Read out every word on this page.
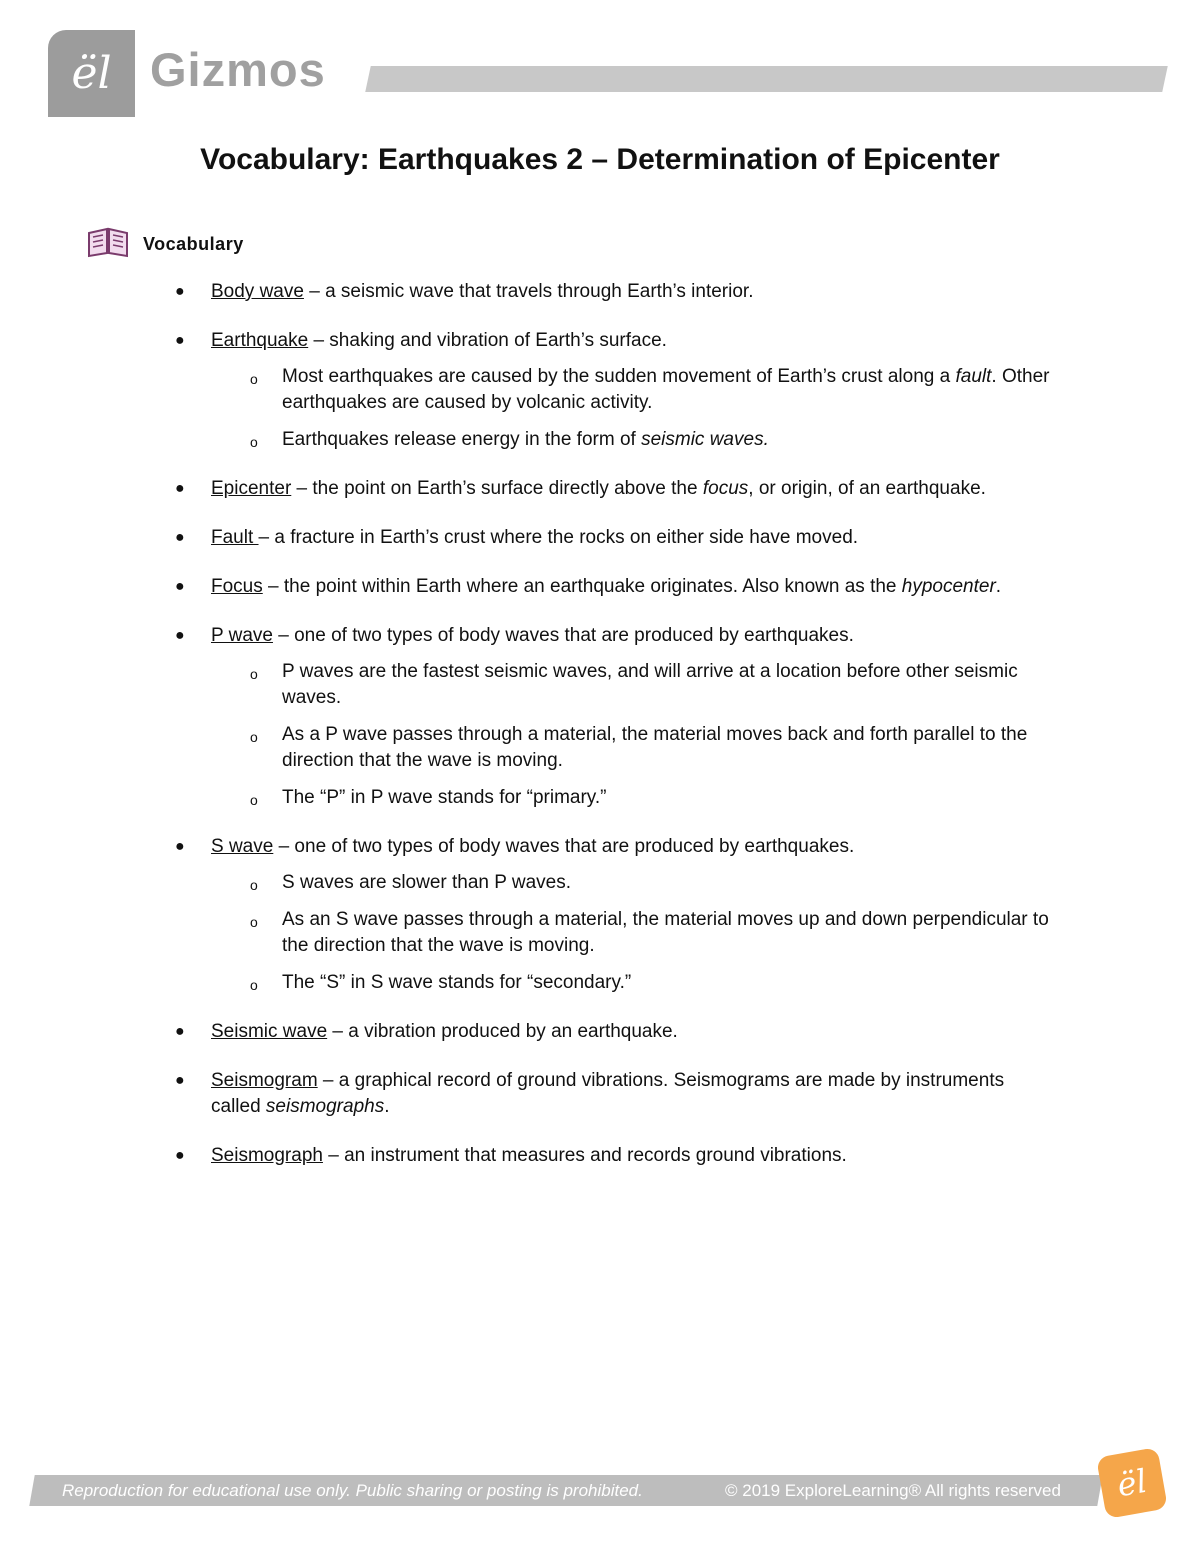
ël Gizmos
Vocabulary: Earthquakes 2 – Determination of Epicenter
Vocabulary
● Body wave – a seismic wave that travels through Earth’s interior.
● Earthquake – shaking and vibration of Earth’s surface.
o Most earthquakes are caused by the sudden movement of Earth’s crust along a fault. Other earthquakes are caused by volcanic activity.
o Earthquakes release energy in the form of seismic waves.
● Epicenter – the point on Earth’s surface directly above the focus, or origin, of an earthquake.
● Fault – a fracture in Earth’s crust where the rocks on either side have moved.
● Focus – the point within Earth where an earthquake originates. Also known as the hypocenter.
● P wave – one of two types of body waves that are produced by earthquakes.
o P waves are the fastest seismic waves, and will arrive at a location before other seismic waves.
o As a P wave passes through a material, the material moves back and forth parallel to the direction that the wave is moving.
o The “P” in P wave stands for “primary.”
● S wave – one of two types of body waves that are produced by earthquakes.
o S waves are slower than P waves.
o As an S wave passes through a material, the material moves up and down perpendicular to the direction that the wave is moving.
o The “S” in S wave stands for “secondary.”
● Seismic wave – a vibration produced by an earthquake.
● Seismogram – a graphical record of ground vibrations. Seismograms are made by instruments called seismographs.
● Seismograph – an instrument that measures and records ground vibrations.
Reproduction for educational use only. Public sharing or posting is prohibited.	© 2019 ExploreLearning® All rights reserved ël
